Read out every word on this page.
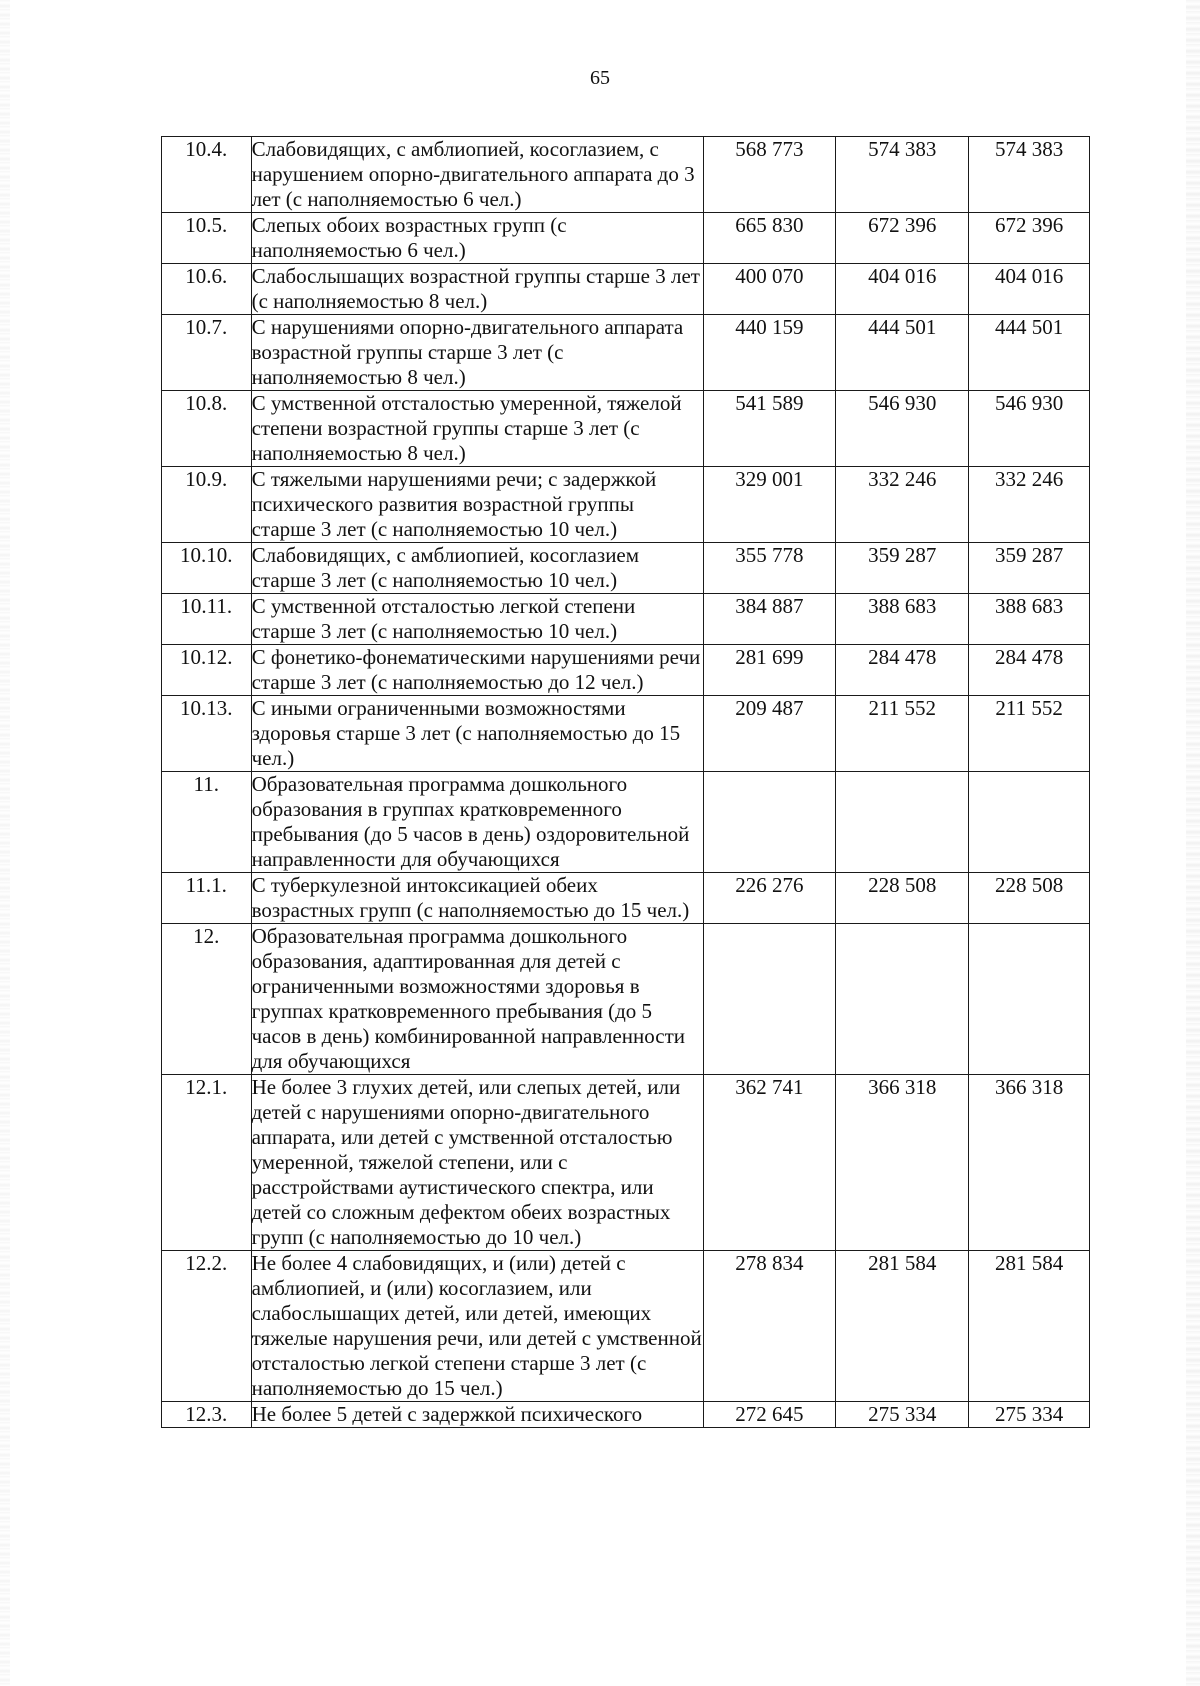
65
10.4.	Слабовидящих, с амблиопией, косоглазием, с нарушением опорно-двигательного аппарата до 3 лет (с наполняемостью 6 чел.)	568 773	574 383	574 383
10.5.	Слепых обоих возрастных групп (с наполняемостью 6 чел.)	665 830	672 396	672 396
10.6.	Слабослышащих возрастной группы старше 3 лет (с наполняемостью 8 чел.)	400 070	404 016	404 016
10.7.	С нарушениями опорно-двигательного аппарата возрастной группы старше 3 лет (с наполняемостью 8 чел.)	440 159	444 501	444 501
10.8.	С умственной отсталостью умеренной, тяжелой степени возрастной группы старше 3 лет (с наполняемостью 8 чел.)	541 589	546 930	546 930
10.9.	С тяжелыми нарушениями речи; с задержкой психического развития возрастной группы старше 3 лет (с наполняемостью 10 чел.)	329 001	332 246	332 246
10.10.	Слабовидящих, с амблиопией, косоглазием старше 3 лет (с наполняемостью 10 чел.)	355 778	359 287	359 287
10.11.	С умственной отсталостью легкой степени старше 3 лет (с наполняемостью 10 чел.)	384 887	388 683	388 683
10.12.	С фонетико-фонематическими нарушениями речи старше 3 лет (с наполняемостью до 12 чел.)	281 699	284 478	284 478
10.13.	С иными ограниченными возможностями здоровья старше 3 лет (с наполняемостью до 15 чел.)	209 487	211 552	211 552
11.	Образовательная программа дошкольного образования в группах кратковременного пребывания (до 5 часов в день) оздоровительной направленности для обучающихся			
11.1.	С туберкулезной интоксикацией обеих возрастных групп (с наполняемостью до 15 чел.)	226 276	228 508	228 508
12.	Образовательная программа дошкольного образования, адаптированная для детей с ограниченными возможностями здоровья в группах кратковременного пребывания (до 5 часов в день) комбинированной направленности для обучающихся			
12.1.	Не более 3 глухих детей, или слепых детей, или детей с нарушениями опорно-двигательного аппарата, или детей с умственной отсталостью умеренной, тяжелой степени, или с расстройствами аутистического спектра, или детей со сложным дефектом обеих возрастных групп (с наполняемостью до 10 чел.)	362 741	366 318	366 318
12.2.	Не более 4 слабовидящих, и (или) детей с амблиопией, и (или) косоглазием, или слабослышащих детей, или детей, имеющих тяжелые нарушения речи, или детей с умственной отсталостью легкой степени старше 3 лет (с наполняемостью до 15 чел.)	278 834	281 584	281 584
12.3.	Не более 5 детей с задержкой психического	272 645	275 334	275 334
